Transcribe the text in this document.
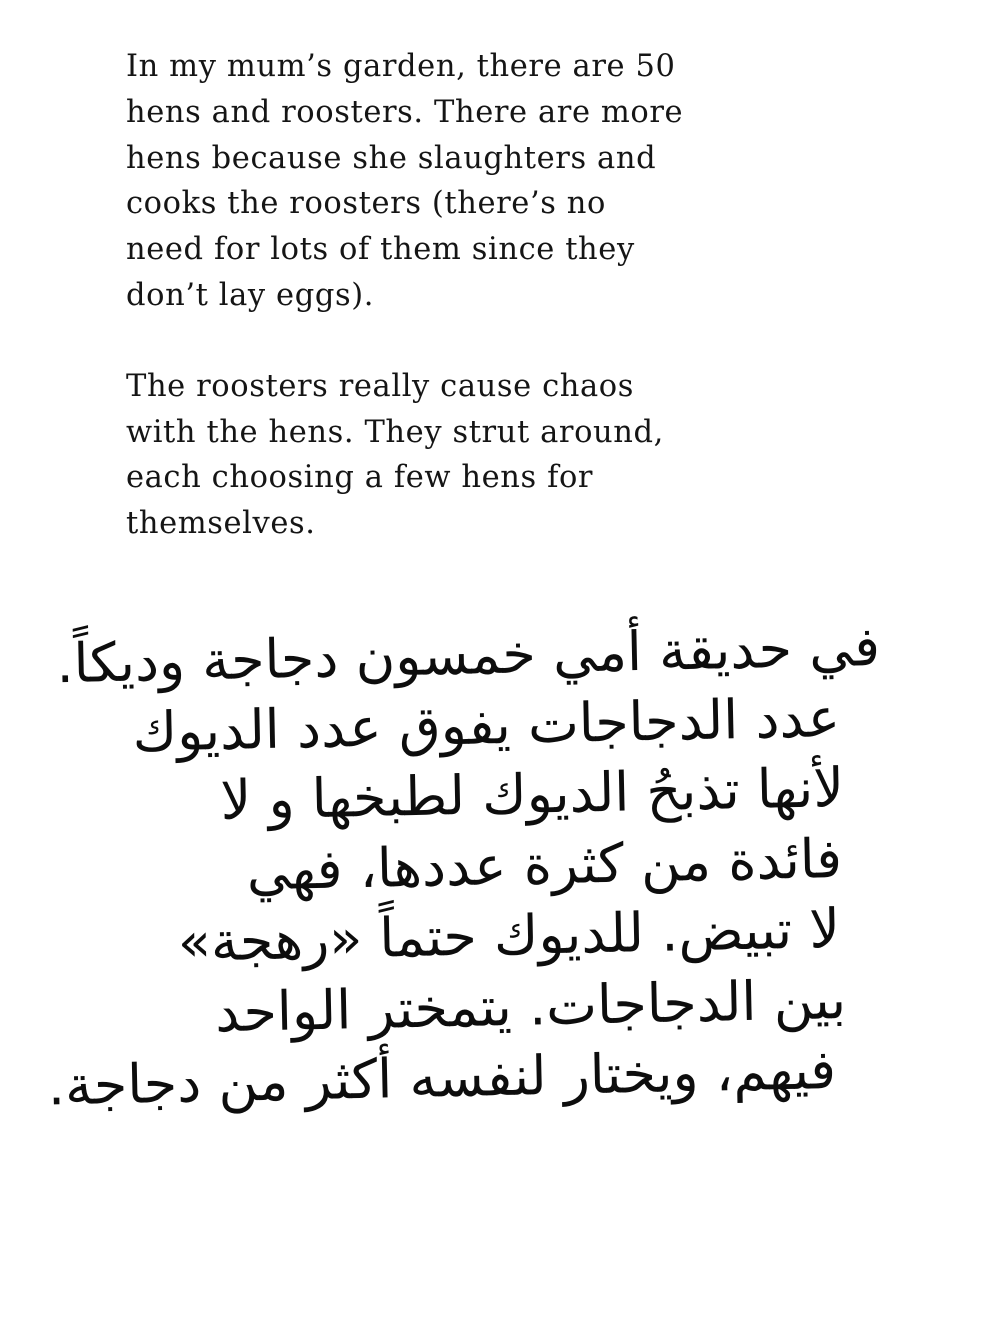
In my mum’s garden, there are 50
hens and roosters. There are more
hens because she slaughters and
cooks the roosters (there’s no
need for lots of them since they
don’t lay eggs).

The roosters really cause chaos
with the hens. They strut around,
each choosing a few hens for
themselves.

في حديقة أمي خمسون دجاجة وديكاً.
عدد الدجاجات يفوق عدد الديوك
لأنها تذبحُ الديوك لطبخها و لا
فائدة من كثرة عددها، فهي
لا تبيض. للديوك حتماً «رهجة»
بين الدجاجات. يتمختر الواحد
فيهم، ويختار لنفسه أكثر من دجاجة.
